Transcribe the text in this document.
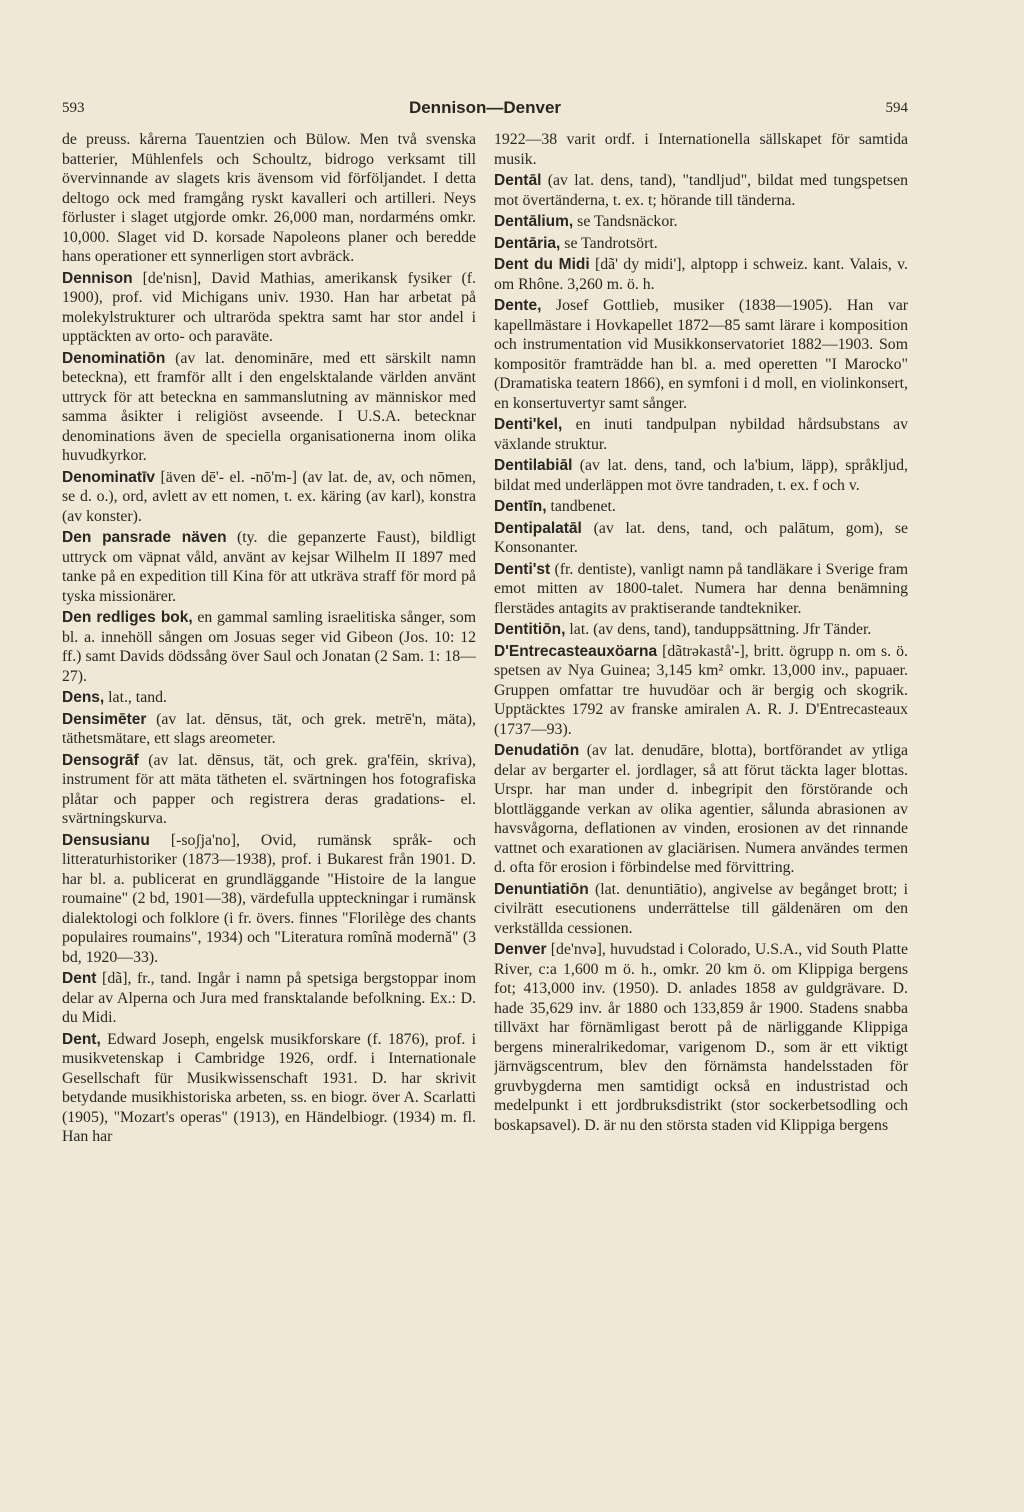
593	Dennison—Denver	594

de preuss. kårerna Tauentzien och Bülow. Men två svenska batterier, Mühlenfels och Schoultz, bidrogo verksamt till övervinnande av slagets kris ävensom vid förföljandet. I detta deltogo ock med framgång ryskt kavalleri och artilleri. Neys förluster i slaget utgjorde omkr. 26,000 man, nordarméns omkr. 10,000. Slaget vid D. korsade Napoleons planer och beredde hans operationer ett synnerligen stort avbräck.

Dennison [de'nisn], David Mathias, amerikansk fysiker (f. 1900), prof. vid Michigans univ. 1930. Han har arbetat på molekylstrukturer och ultraröda spektra samt har stor andel i upptäckten av orto- och paraväte.

Denominatiōn (av lat. denomināre, med ett särskilt namn beteckna), ett framför allt i den engelsktalande världen använt uttryck för att beteckna en sammanslutning av människor med samma åsikter i religiöst avseende. I U.S.A. betecknar denominations även de speciella organisationerna inom olika huvudkyrkor.

Denominatīv [även dē'- el. -nō'm-] (av lat. de, av, och nōmen, se d. o.), ord, avlett av ett nomen, t. ex. käring (av karl), konstra (av konster).

Den pansrade näven (ty. die gepanzerte Faust), bildligt uttryck om väpnat våld, använt av kejsar Wilhelm II 1897 med tanke på en expedition till Kina för att utkräva straff för mord på tyska missionärer.

Den redliges bok, en gammal samling israelitiska sånger, som bl. a. innehöll sången om Josuas seger vid Gibeon (Jos. 10: 12 ff.) samt Davids dödssång över Saul och Jonatan (2 Sam. 1: 18—27).

Dens, lat., tand.

Densimēter (av lat. dēnsus, tät, och grek. metrē'n, mäta), täthetsmätare, ett slags areometer.

Densogrāf (av lat. dēnsus, tät, och grek. gra'fēin, skriva), instrument för att mäta tätheten el. svärtningen hos fotografiska plåtar och papper och registrera deras gradations- el. svärtningskurva.

Densusianu [-soʃja'no], Ovid, rumänsk språk- och litteraturhistoriker (1873—1938), prof. i Bukarest från 1901. D. har bl. a. publicerat en grundläggande "Histoire de la langue roumaine" (2 bd, 1901—38), värdefulla uppteckningar i rumänsk dialektologi och folklore (i fr. övers. finnes "Florilège des chants populaires roumains", 1934) och "Literatura romînă modernă" (3 bd, 1920—33).

Dent [dã], fr., tand. Ingår i namn på spetsiga bergstoppar inom delar av Alperna och Jura med fransktalande befolkning. Ex.: D. du Midi.

Dent, Edward Joseph, engelsk musikforskare (f. 1876), prof. i musikvetenskap i Cambridge 1926, ordf. i Internationale Gesellschaft für Musikwissenschaft 1931. D. har skrivit betydande musikhistoriska arbeten, ss. en biogr. över A. Scarlatti (1905), "Mozart's operas" (1913), en Händelbiogr. (1934) m. fl. Han har

1922—38 varit ordf. i Internationella sällskapet för samtida musik.

Dentāl (av lat. dens, tand), "tandljud", bildat med tungspetsen mot övertänderna, t. ex. t; hörande till tänderna.

Dentālium, se Tandsnäckor.

Dentāria, se Tandrotsört.

Dent du Midi [dã' dy midi'], alptopp i schweiz. kant. Valais, v. om Rhône. 3,260 m. ö. h.

Dente, Josef Gottlieb, musiker (1838—1905). Han var kapellmästare i Hovkapellet 1872—85 samt lärare i komposition och instrumentation vid Musikkonservatoriet 1882—1903. Som kompositör framträdde han bl. a. med operetten "I Marocko" (Dramatiska teatern 1866), en symfoni i d moll, en violinkonsert, en konsertuvertyr samt sånger.

Denti'kel, en inuti tandpulpan nybildad hårdsubstans av växlande struktur.

Dentilabiāl (av lat. dens, tand, och la'bium, läpp), språkljud, bildat med underläppen mot övre tandraden, t. ex. f och v.

Dentīn, tandbenet.

Dentipalatāl (av lat. dens, tand, och palātum, gom), se Konsonanter.

Denti'st (fr. dentiste), vanligt namn på tandläkare i Sverige fram emot mitten av 1800-talet. Numera har denna benämning flerstädes antagits av praktiserande tandtekniker.

Dentitiōn, lat. (av dens, tand), tanduppsättning. Jfr Tänder.

D'Entrecasteauxöarna [dãtrəkastå'-], britt. ögrupp n. om s. ö. spetsen av Nya Guinea; 3,145 km² omkr. 13,000 inv., papuaer. Gruppen omfattar tre huvudöar och är bergig och skogrik. Upptäcktes 1792 av franske amiralen A. R. J. D'Entrecasteaux (1737—93).

Denudatiōn (av lat. denudāre, blotta), bortförandet av ytliga delar av bergarter el. jordlager, så att förut täckta lager blottas. Urspr. har man under d. inbegripit den förstörande och blottläggande verkan av olika agentier, sålunda abrasionen av havsvågorna, deflationen av vinden, erosionen av det rinnande vattnet och exarationen av glaciärisen. Numera användes termen d. ofta för erosion i förbindelse med förvittring.

Denuntiatiōn (lat. denuntiātio), angivelse av begånget brott; i civilrätt esecutionens underrättelse till gäldenären om den verkställda cessionen.

Denver [de'nvə], huvudstad i Colorado, U.S.A., vid South Platte River, c:a 1,600 m ö. h., omkr. 20 km ö. om Klippiga bergens fot; 413,000 inv. (1950). D. anlades 1858 av guldgrävare. D. hade 35,629 inv. år 1880 och 133,859 år 1900. Stadens snabba tillväxt har förnämligast berott på de närliggande Klippiga bergens mineralrikedomar, varigenom D., som är ett viktigt järnvägscentrum, blev den förnämsta handelsstaden för gruvbygderna men samtidigt också en industristad och medelpunkt i ett jordbruksdistrikt (stor sockerbetsodling och boskapsavel). D. är nu den största staden vid Klippiga bergens
